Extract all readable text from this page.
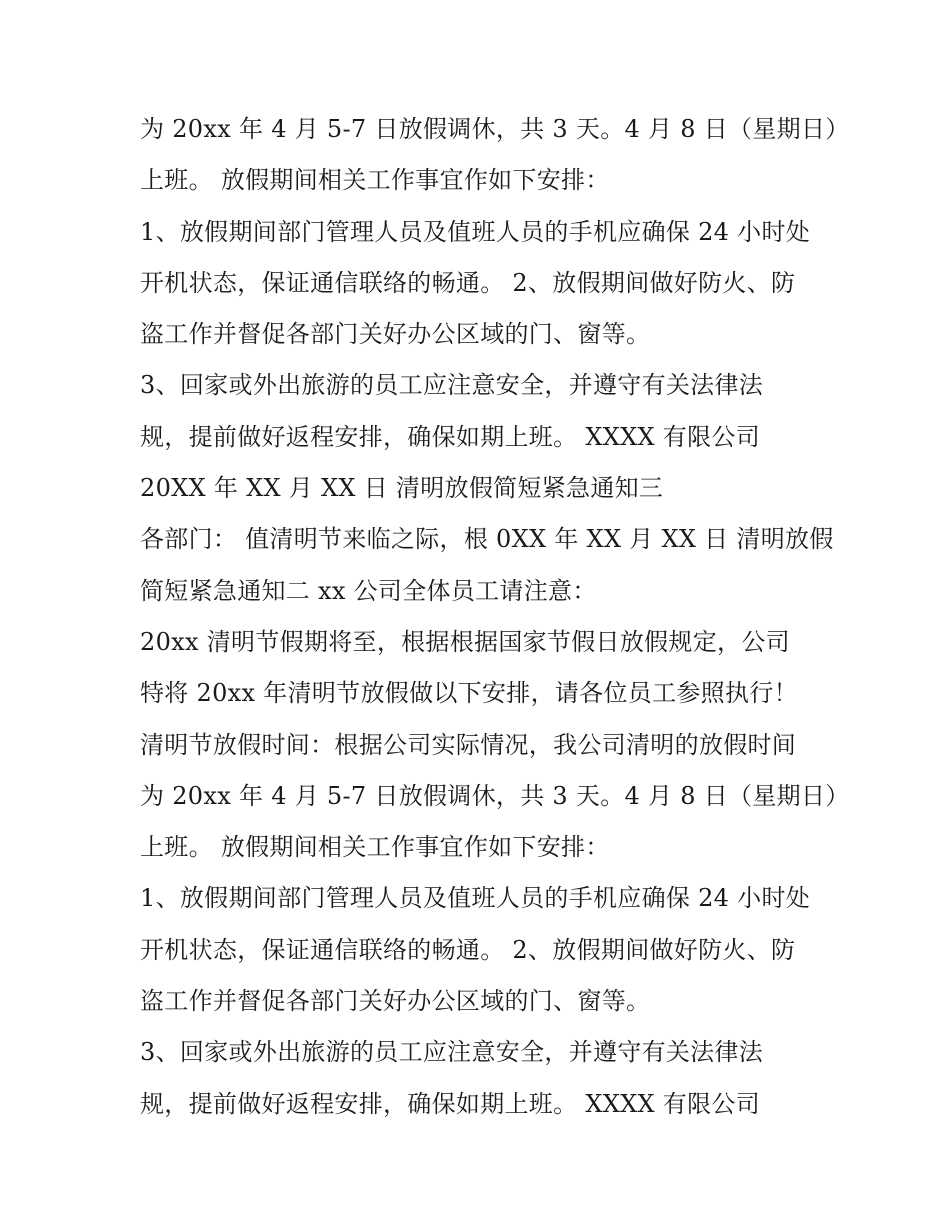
为 20xx 年 4 月 5-7 日放假调休，共 3 天。4 月 8 日（星期日）
上班。 放假期间相关工作事宜作如下安排：
1、放假期间部门管理人员及值班人员的手机应确保 24 小时处
开机状态，保证通信联络的畅通。 2、放假期间做好防火、防
盗工作并督促各部门关好办公区域的门、窗等。
3、回家或外出旅游的员工应注意安全，并遵守有关法律法
规，提前做好返程安排，确保如期上班。 XXXX 有限公司
20XX 年 XX 月 XX 日 清明放假简短紧急通知三
各部门： 值清明节来临之际，根 0XX 年 XX 月 XX 日 清明放假
简短紧急通知二 xx 公司全体员工请注意：
20xx 清明节假期将至，根据根据国家节假日放假规定，公司
特将 20xx 年清明节放假做以下安排，请各位员工参照执行！
清明节放假时间：根据公司实际情况，我公司清明的放假时间
为 20xx 年 4 月 5-7 日放假调休，共 3 天。4 月 8 日（星期日）
上班。 放假期间相关工作事宜作如下安排：
1、放假期间部门管理人员及值班人员的手机应确保 24 小时处
开机状态，保证通信联络的畅通。 2、放假期间做好防火、防
盗工作并督促各部门关好办公区域的门、窗等。
3、回家或外出旅游的员工应注意安全，并遵守有关法律法
规，提前做好返程安排，确保如期上班。 XXXX 有限公司
